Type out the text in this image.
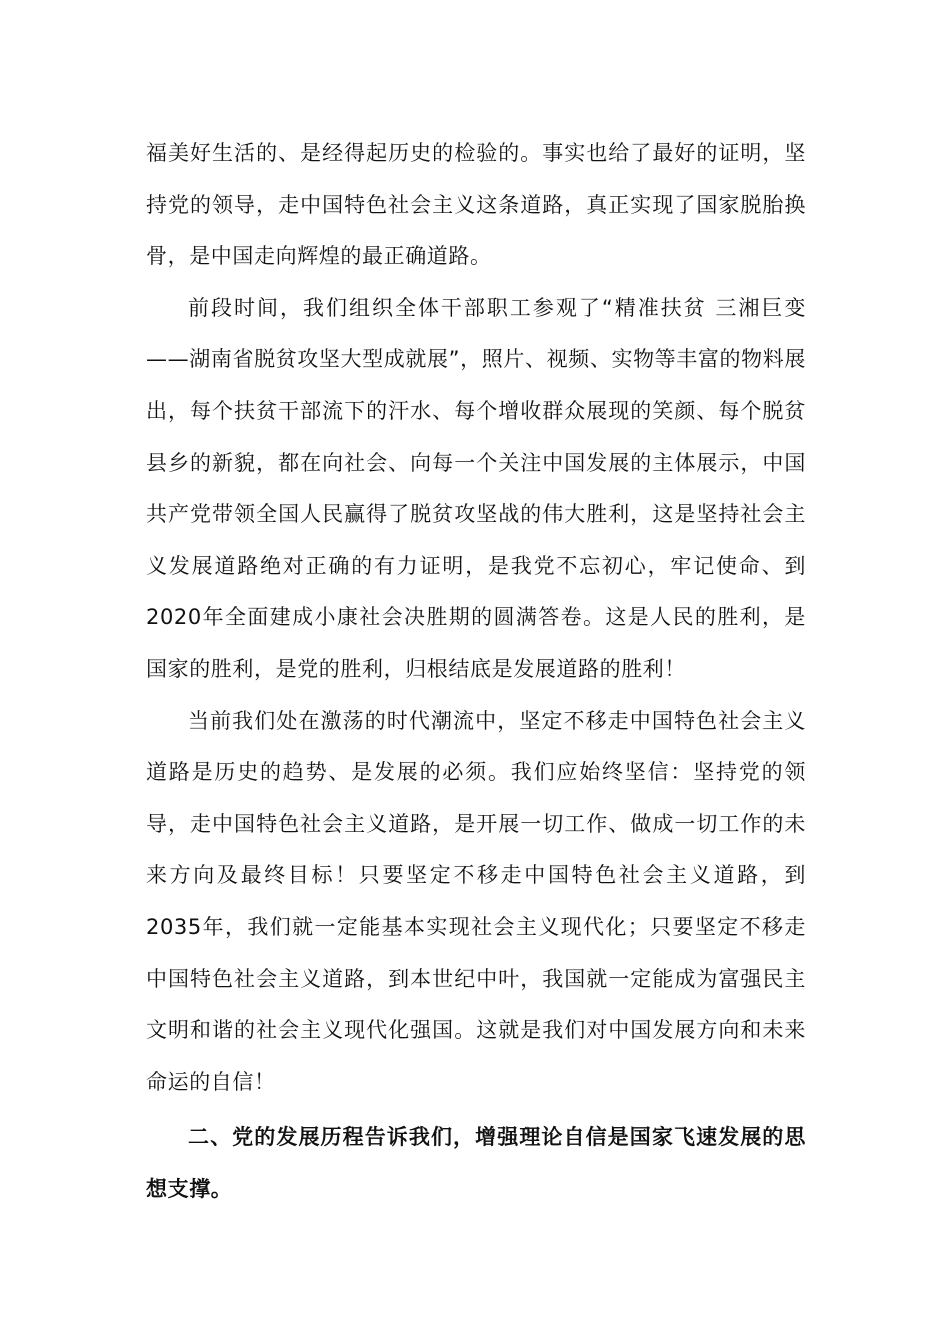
福美好生活的、是经得起历史的检验的。事实也给了最好的证明，坚持党的领导，走中国特色社会主义这条道路，真正实现了国家脱胎换骨，是中国走向辉煌的最正确道路。

前段时间，我们组织全体干部职工参观了“精准扶贫 三湘巨变——湖南省脱贫攻坚大型成就展”，照片、视频、实物等丰富的物料展出，每个扶贫干部流下的汗水、每个增收群众展现的笑颜、每个脱贫县乡的新貌，都在向社会、向每一个关注中国发展的主体展示，中国共产党带领全国人民赢得了脱贫攻坚战的伟大胜利，这是坚持社会主义发展道路绝对正确的有力证明，是我党不忘初心，牢记使命、到2020年全面建成小康社会决胜期的圆满答卷。这是人民的胜利，是国家的胜利，是党的胜利，归根结底是发展道路的胜利！

当前我们处在激荡的时代潮流中，坚定不移走中国特色社会主义道路是历史的趋势、是发展的必须。我们应始终坚信：坚持党的领导，走中国特色社会主义道路，是开展一切工作、做成一切工作的未来方向及最终目标！只要坚定不移走中国特色社会主义道路，到2035年，我们就一定能基本实现社会主义现代化；只要坚定不移走中国特色社会主义道路，到本世纪中叶，我国就一定能成为富强民主文明和谐的社会主义现代化强国。这就是我们对中国发展方向和未来命运的自信！

二、党的发展历程告诉我们，增强理论自信是国家飞速发展的思想支撑。
